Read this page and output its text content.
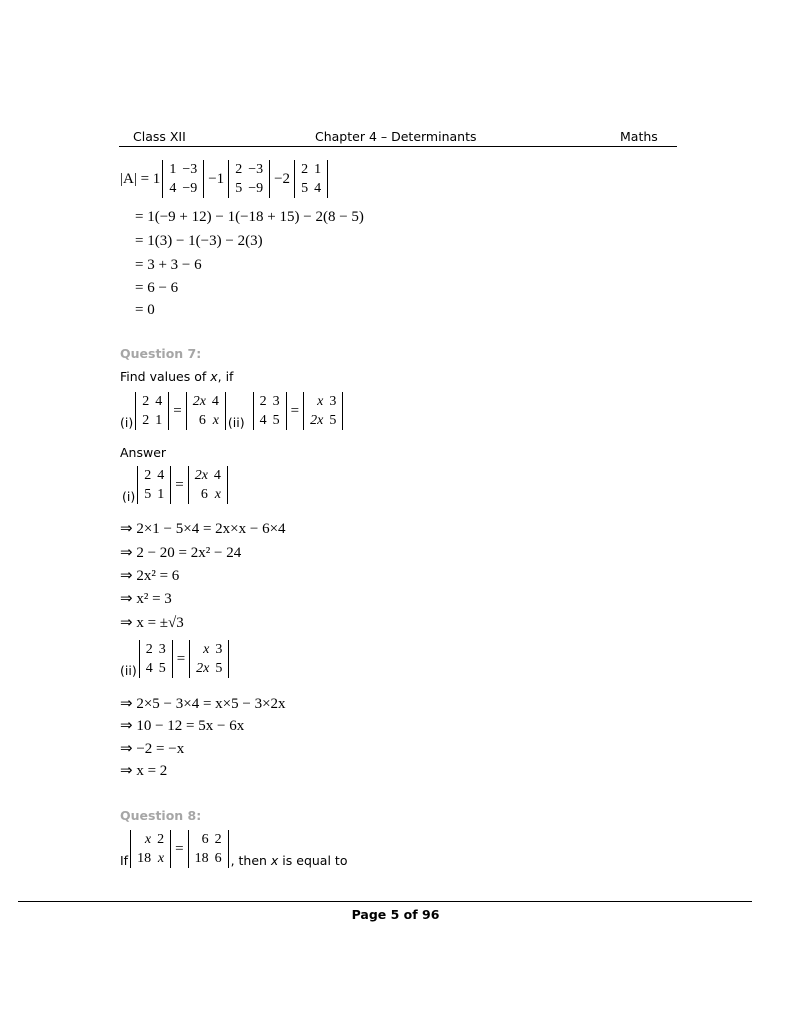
Class XII	Chapter 4 – Determinants	Maths
|A| = 1
1	−3
4	−9
−1
2	−3
5	−9
−2
2	1
5	4
= 1(−9 + 12) − 1(−18 + 15) − 2(8 − 5)
= 1(3) − 1(−3) − 2(3)
= 3 + 3 − 6
= 6 − 6
= 0
Question 7:
Find values of x, if
(i)
2	4
2	1
=
2x	4
6	x (ii)
2	3
4	5
=
x	3
2x	5
Answer
(i)
2	4
5	1
=
2x	4
6	x
⇒ 2×1 − 5×4 = 2x×x − 6×4
⇒ 2 − 20 = 2x² − 24
⇒ 2x² = 6
⇒ x² = 3
⇒ x = ±√3
(ii)
2	3
4	5
=
x	3
2x	5
⇒ 2×5 − 3×4 = x×5 − 3×2x
⇒ 10 − 12 = 5x − 6x
⇒ −2 = −x
⇒ x = 2
Question 8:
If
x	2
18	x
=
6	2
18	6 , then x is equal to
Page 5 of 96
